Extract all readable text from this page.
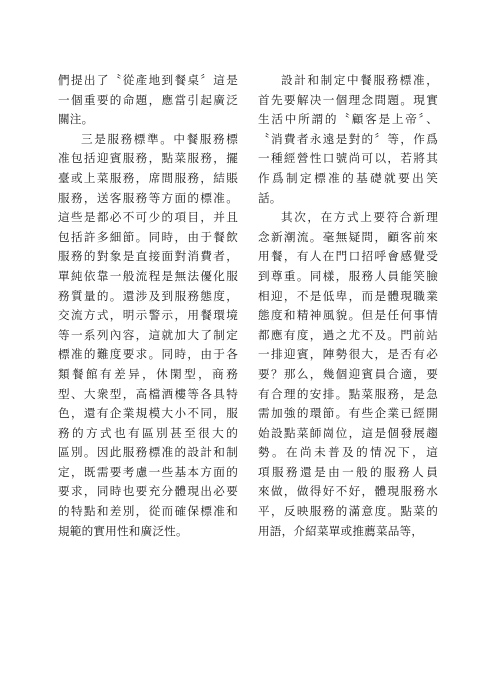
們提出了〝從產地到餐桌〞這是
一個重要的命題，應當引起廣泛
關注。
三是服務標準。中餐服務標
准包括迎賓服務，點菜服務，擺
臺或上菜服務，席間服務，結賬
服務，送客服務等方面的標准。
這些是都必不可少的項目，并且
包括許多細節。同時，由于餐飲
服務的對象是直接面對消費者，
單純依靠一般流程是無法優化服
務質量的。還涉及到服務態度，
交流方式，明示警示，用餐環境
等一系列內容，這就加大了制定
標准的難度要求。同時，由于各
類餐館有差异，休閑型，商務
型、大衆型，高檔酒樓等各具特
色，還有企業規模大小不同，服
務的方式也有區別甚至很大的
區別。因此服務標准的設計和制
定，既需要考慮一些基本方面的
要求，同時也要充分體現出必要
的特點和差別，從而確保標准和
規範的實用性和廣泛性。
設計和制定中餐服務標准，
首先要解决一個理念問題。現實
生活中所謂的〝顧客是上帝〞、
〝消費者永遠是對的〞等，作爲
一種經營性口號尚可以，若將其
作爲制定標准的基礎就要出笑
話。
其次，在方式上要符合新理
念新潮流。毫無疑問，顧客前來
用餐，有人在門口招呼會感覺受
到尊重。同樣，服務人員能笑臉
相迎，不是低卑，而是體現職業
態度和精神風貌。但是任何事情
都應有度，過之尤不及。門前站
一排迎賓，陣勢很大，是否有必
要？那么，幾個迎賓員合適，要
有合理的安排。點菜服務，是急
需加強的環節。有些企業已經開
始設點菜師崗位，這是個發展趨
勢。在尚未普及的情况下，這
項服務還是由一般的服務人員
來做，做得好不好，體現服務水
平，反映服務的滿意度。點菜的
用語，介紹菜單或推薦菜品等，
